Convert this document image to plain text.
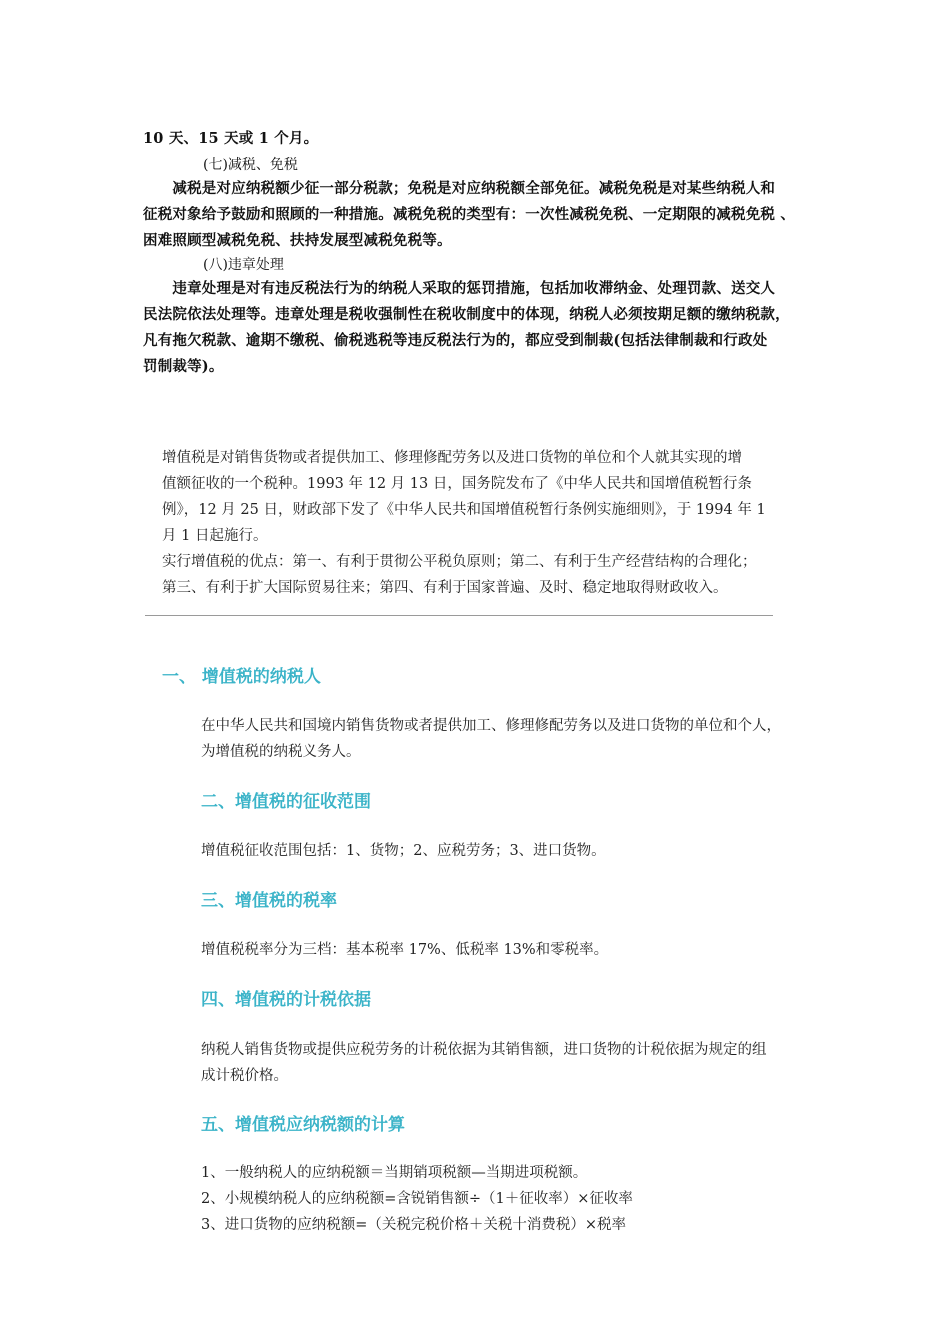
10 天、15 天或 1 个月。

(七)减税、免税

　　减税是对应纳税额少征一部分税款；免税是对应纳税额全部免征。减税免税是对某些纳税人和
征税对象给予鼓励和照顾的一种措施。减税免税的类型有：一次性减税免税、一定期限的减税免税 、
困难照顾型减税免税、扶持发展型减税免税等。

(八)违章处理

　　违章处理是对有违反税法行为的纳税人采取的惩罚措施，包括加收滞纳金、处理罚款、送交人
民法院依法处理等。违章处理是税收强制性在税收制度中的体现，纳税人必须按期足额的缴纳税款，
凡有拖欠税款、逾期不缴税、偷税逃税等违反税法行为的，都应受到制裁(包括法律制裁和行政处
罚制裁等)。
增值税是对销售货物或者提供加工、修理修配劳务以及进口货物的单位和个人就其实现的增
值额征收的一个税种。1993 年 12 月 13 日，国务院发布了《中华人民共和国增值税暂行条
例》，12 月 25 日，财政部下发了《中华人民共和国增值税暂行条例实施细则》，于 1994 年 1
月 1 日起施行。
实行增值税的优点：第一、有利于贯彻公平税负原则；第二、有利于生产经营结构的合理化；
第三、有利于扩大国际贸易往来；第四、有利于国家普遍、及时、稳定地取得财政收入。
一、 增值税的纳税人
在中华人民共和国境内销售货物或者提供加工、修理修配劳务以及进口货物的单位和个人，
为增值税的纳税义务人。
二、增值税的征收范围
增值税征收范围包括：1、货物；2、应税劳务；3、进口货物。
三、增值税的税率
增值税税率分为三档：基本税率 17%、低税率 13%和零税率。
四、增值税的计税依据
纳税人销售货物或提供应税劳务的计税依据为其销售额，进口货物的计税依据为规定的组
成计税价格。
五、增值税应纳税额的计算
1、一般纳税人的应纳税额＝当期销项税额—当期进项税额。
2、小规模纳税人的应纳税额=含锐销售额÷（1＋征收率）×征收率
3、进口货物的应纳税额=（关税完税价格＋关税十消费税）×税率
